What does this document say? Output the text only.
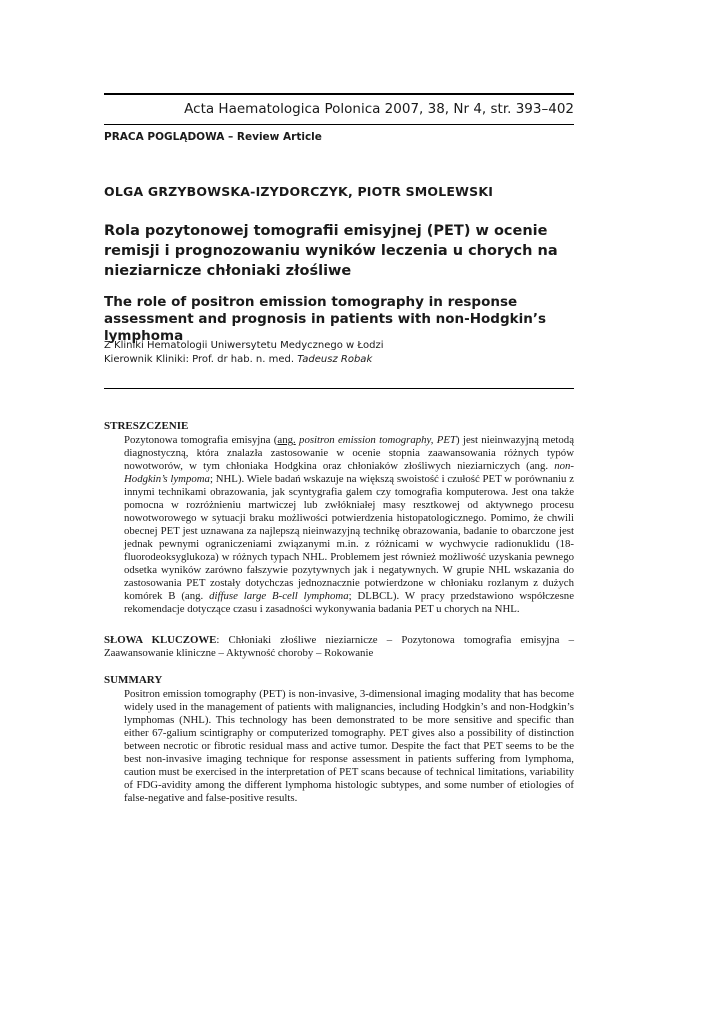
Acta Haematologica Polonica 2007, 38, Nr 4, str. 393–402
PRACA POGLĄDOWA – Review Article
OLGA GRZYBOWSKA-IZYDORCZYK, PIOTR SMOLEWSKI
Rola pozytonowej tomografii emisyjnej (PET) w ocenie remisji i prognozowaniu wyników leczenia u chorych na nieziarnicze chłoniaki złośliwe
The role of positron emission tomography in response assessment and prognosis in patients with non-Hodgkin’s lymphoma
Z Kliniki Hematologii Uniwersytetu Medycznego w Łodzi
Kierownik Kliniki: Prof. dr hab. n. med. Tadeusz Robak
STRESZCZENIE
Pozytonowa tomografia emisyjna (ang. positron emission tomography, PET) jest nieinwazyjną metodą diagnostyczną, która znalazła zastosowanie w ocenie stopnia zaawansowania różnych typów nowotworów, w tym chłoniaka Hodgkina oraz chłoniaków złośliwych nieziarniczych (ang. non-Hodgkin’s lympoma; NHL). Wiele badań wskazuje na większą swoistość i czułość PET w porównaniu z innymi technikami obrazowania, jak scyntygrafia galem czy tomografia komputerowa. Jest ona także pomocna w rozróżnieniu martwiczej lub zwłókniałej masy resztkowej od aktywnego procesu nowotworowego w sytuacji braku możliwości potwierdzenia histopatologicznego. Pomimo, że chwili obecnej PET jest uznawana za najlepszą nieinwazyjną technikę obrazowania, badanie to obarczone jest jednak pewnymi ograniczeniami związanymi m.in. z różnicami w wychwycie radionuklidu (18-fluorodeoksyglukoza) w różnych typach NHL. Problemem jest również możliwość uzyskania pewnego odsetka wyników zarówno fałszywie pozytywnych jak i negatywnych. W grupie NHL wskazania do zastosowania PET zostały dotychczas jednoznacznie potwierdzone w chłoniaku rozlanym z dużych komórek B (ang. diffuse large B-cell lymphoma; DLBCL). W pracy przedstawiono współczesne rekomendacje dotyczące czasu i zasadności wykonywania badania PET u chorych na NHL.
SŁOWA KLUCZOWE: Chłoniaki złośliwe nieziarnicze – Pozytonowa tomografia emisyjna – Zaawansowanie kliniczne – Aktywność choroby – Rokowanie
SUMMARY
Positron emission tomography (PET) is non-invasive, 3-dimensional imaging modality that has become widely used in the management of patients with malignancies, including Hodgkin’s and non-Hodgkin’s lymphomas (NHL). This technology has been demonstrated to be more sensitive and specific than either 67-galium scintigraphy or computerized tomography. PET gives also a possibility of distinction between necrotic or fibrotic residual mass and active tumor. Despite the fact that PET seems to be the best non-invasive imaging technique for response assessment in patients suffering from lymphoma, caution must be exercised in the interpretation of PET scans because of technical limitations, variability of FDG-avidity among the different lymphoma histologic subtypes, and some number of etiologies of false-negative and false-positive results.
